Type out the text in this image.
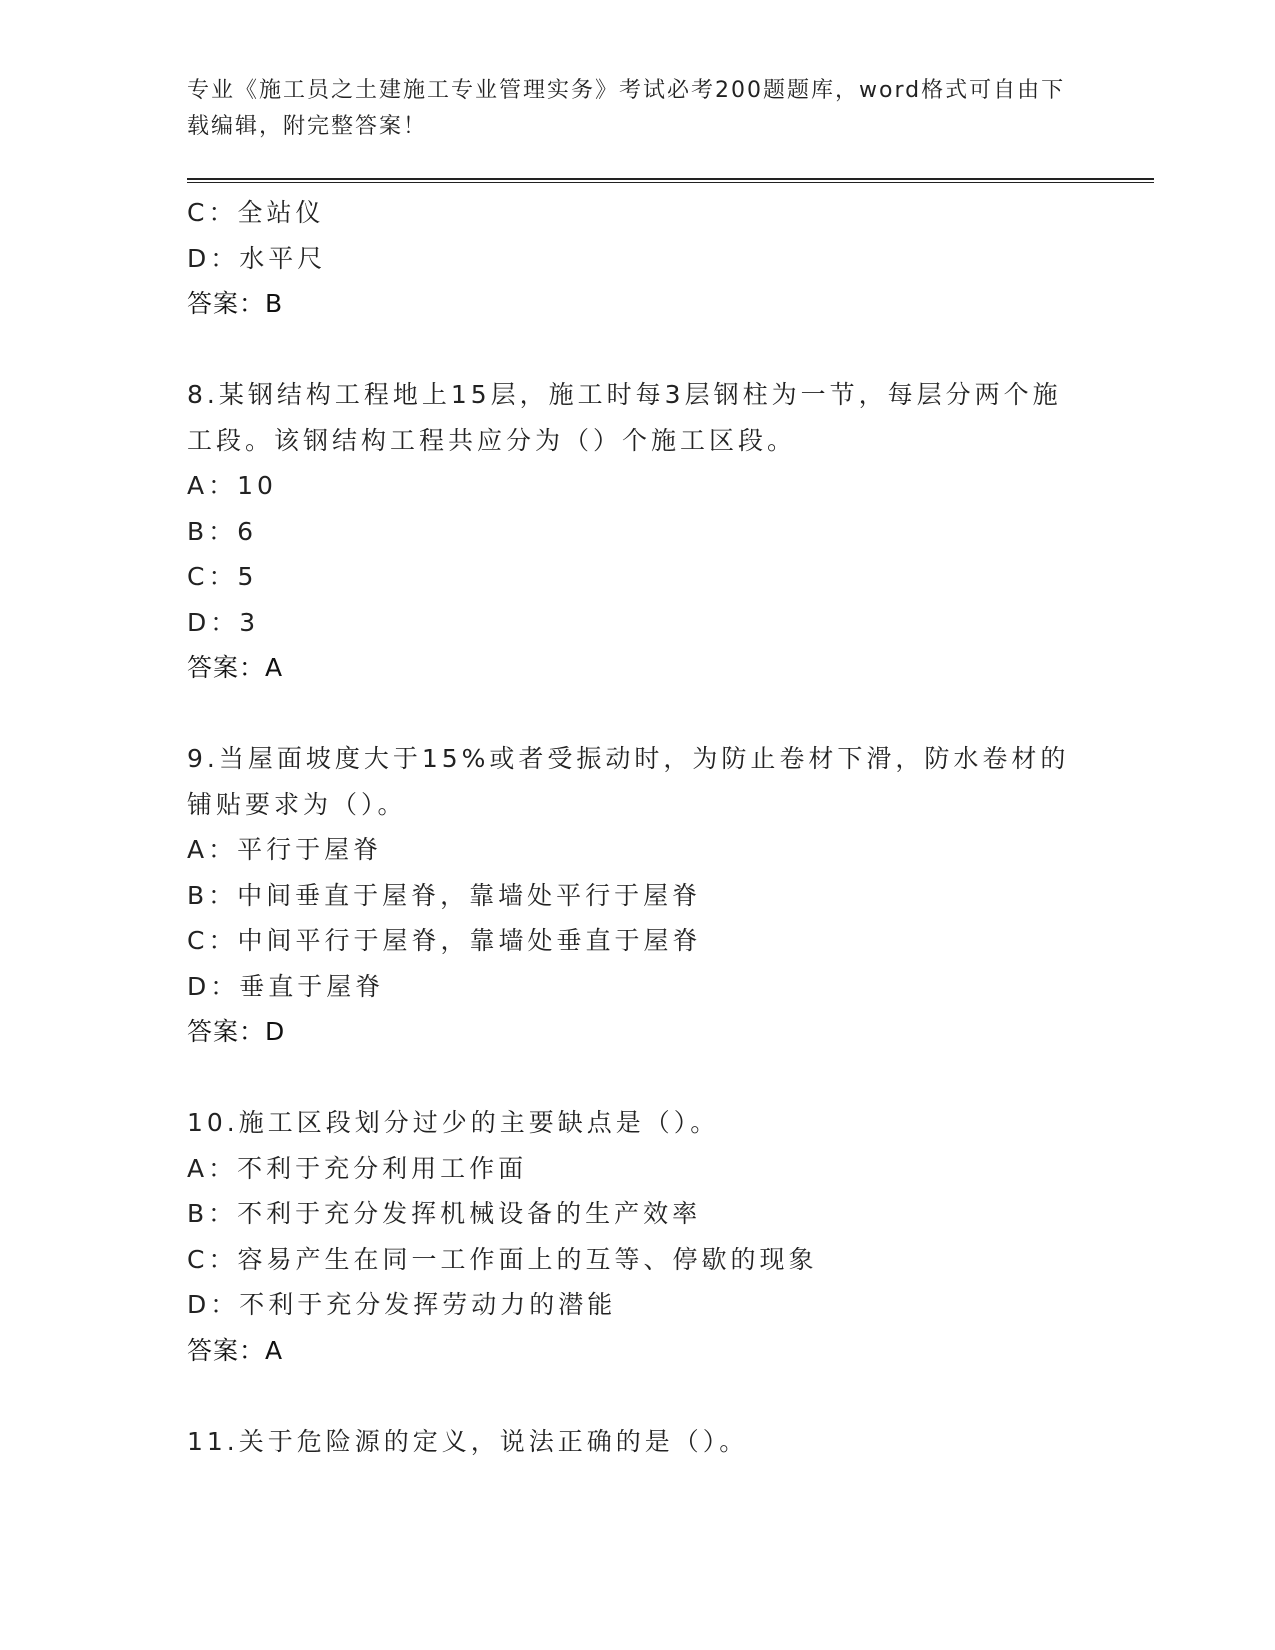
专业《施工员之土建施工专业管理实务》考试必考200题题库，word格式可自由下载编辑，附完整答案！
C：全站仪
D：水平尺
答案：B
8.某钢结构工程地上15层，施工时每3层钢柱为一节，每层分两个施工段。该钢结构工程共应分为（）个施工区段。
A：10
B：6
C：5
D：3
答案：A
9.当屋面坡度大于15%或者受振动时，为防止卷材下滑，防水卷材的铺贴要求为（）。
A：平行于屋脊
B：中间垂直于屋脊，靠墙处平行于屋脊
C：中间平行于屋脊，靠墙处垂直于屋脊
D：垂直于屋脊
答案：D
10.施工区段划分过少的主要缺点是（）。
A：不利于充分利用工作面
B：不利于充分发挥机械设备的生产效率
C：容易产生在同一工作面上的互等、停歇的现象
D：不利于充分发挥劳动力的潜能
答案：A
11.关于危险源的定义，说法正确的是（）。
